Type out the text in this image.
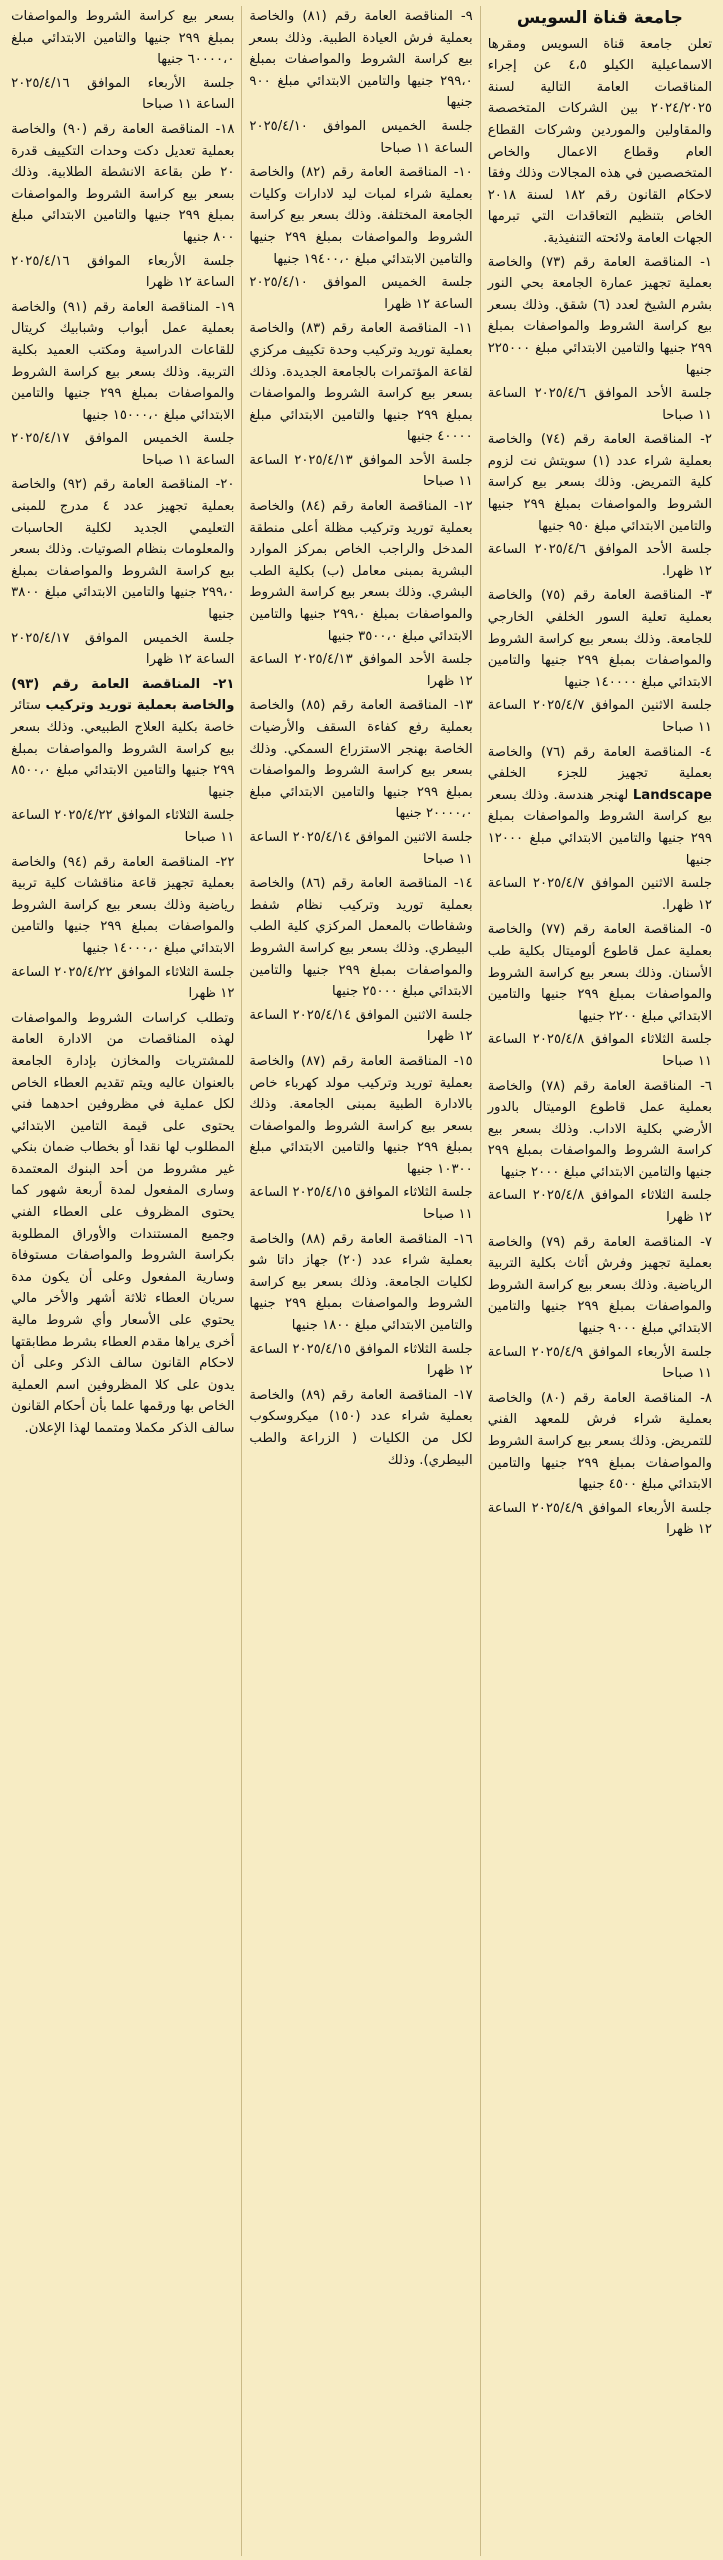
جامعة قناة السويس
تعلن جامعة قناة السويس ومقرها الاسماعيلية الكيلو ٤،٥ عن إجراء المناقصات العامة التالية لسنة ٢٠٢٤/٢٠٢٥ بين الشركات المتخصصة والمقاولين والموردين وشركات القطاع العام وقطاع الاعمال والخاص المتخصصين في هذه المجالات وذلك وفقا لاحكام القانون رقم ١٨٢ لسنة ٢٠١٨ الخاص بتنظيم التعاقدات التي تبرمها الجهات العامة ولائحته التنفيذية.
١- المناقصة العامة رقم (٧٣) والخاصة بعملية تجهيز عمارة الجامعة بحي النور بشرم الشيخ لعدد (٦) شقق. وذلك بسعر بيع كراسة الشروط والمواصفات بمبلغ ٢٩٩ جنيها والتامين الابتدائي مبلغ ٢٢٥٠٠٠ جنيها
جلسة الأحد الموافق ٢٠٢٥/٤/٦ الساعة ١١ صباحا
٢- المناقصة العامة رقم (٧٤) والخاصة بعملية شراء عدد (١) سويتش نت لزوم كلية التمريض. وذلك بسعر بيع كراسة الشروط والمواصفات بمبلغ ٢٩٩ جنيها والتامين الابتدائي مبلغ ٩٥٠ جنيها
جلسة الأحد الموافق ٢٠٢٥/٤/٦ الساعة ١٢ ظهرا.
٣- المناقصة العامة رقم (٧٥) والخاصة بعملية تعلية السور الخلفي الخارجي للجامعة. وذلك بسعر بيع كراسة الشروط والمواصفات بمبلغ ٢٩٩ جنيها والتامين الابتدائي مبلغ ١٤٠٠٠٠ جنيها
جلسة الاثنين الموافق ٢٠٢٥/٤/٧ الساعة ١١ صباحا
٤- المناقصة العامة رقم (٧٦) والخاصة بعملية تجهيز للجزء الخلفي Landscape لهنجر هندسة. وذلك بسعر بيع كراسة الشروط والمواصفات بمبلغ ٢٩٩ جنيها والتامين الابتدائي مبلغ ١٢٠٠٠ جنيها
جلسة الاثنين الموافق ٢٠٢٥/٤/٧ الساعة ١٢ ظهرا.
٥- المناقصة العامة رقم (٧٧) والخاصة بعملية عمل قاطوع ألوميتال بكلية طب الأسنان. وذلك بسعر بيع كراسة الشروط والمواصفات بمبلغ ٢٩٩ جنيها والتامين الابتدائي مبلغ ٢٢٠٠ جنيها
جلسة الثلاثاء الموافق ٢٠٢٥/٤/٨ الساعة ١١ صباحا
٦- المناقصة العامة رقم (٧٨) والخاصة بعملية عمل قاطوع الوميتال بالدور الأرضي بكلية الاداب. وذلك بسعر بيع كراسة الشروط والمواصفات بمبلغ ٢٩٩ جنيها والتامين الابتدائي مبلغ ٢٠٠٠ جنيها
جلسة الثلاثاء الموافق ٢٠٢٥/٤/٨ الساعة ١٢ ظهرا
٧- المناقصة العامة رقم (٧٩) والخاصة بعملية تجهيز وفرش أثاث بكلية التربية الرياضية. وذلك بسعر بيع كراسة الشروط والمواصفات بمبلغ ٢٩٩ جنيها والتامين الابتدائي مبلغ ٩٠٠٠ جنيها
جلسة الأربعاء الموافق ٢٠٢٥/٤/٩ الساعة ١١ صباحا
٨- المناقصة العامة رقم (٨٠) والخاصة بعملية شراء فرش للمعهد الفني للتمريض. وذلك بسعر بيع كراسة الشروط والمواصفات بمبلغ ٢٩٩ جنيها والتامين الابتدائي مبلغ ٤٥٠٠ جنيها
جلسة الأربعاء الموافق ٢٠٢٥/٤/٩ الساعة ١٢ ظهرا
٩- المناقصة العامة رقم (٨١) والخاصة بعملية فرش العيادة الطبية. وذلك بسعر بيع كراسة الشروط والمواصفات بمبلغ ٢٩٩،٠ جنيها والتامين الابتدائي مبلغ ٩٠٠ جنيها
جلسة الخميس الموافق ٢٠٢٥/٤/١٠ الساعة ١١ صباحا
١٠- المناقصة العامة رقم (٨٢) والخاصة بعملية شراء لمبات ليد لادارات وكليات الجامعة المختلفة. وذلك بسعر بيع كراسة الشروط والمواصفات بمبلغ ٢٩٩ جنيها والتامين الابتدائي مبلغ ١٩٤٠٠،٠ جنيها
جلسة الخميس الموافق ٢٠٢٥/٤/١٠ الساعة ١٢ ظهرا
١١- المناقصة العامة رقم (٨٣) والخاصة بعملية توريد وتركيب وحدة تكييف مركزي لقاعة المؤتمرات بالجامعة الجديدة. وذلك بسعر بيع كراسة الشروط والمواصفات بمبلغ ٢٩٩ جنيها والتامين الابتدائي مبلغ ٤٠٠٠٠ جنيها
جلسة الأحد الموافق ٢٠٢٥/٤/١٣ الساعة ١١ صباحا
١٢- المناقصة العامة رقم (٨٤) والخاصة بعملية توريد وتركيب مظلة أعلى منطقة المدخل والراجب الخاص بمركز الموارد البشرية بمبنى معامل (ب) بكلية الطب البشري. وذلك بسعر بيع كراسة الشروط والمواصفات بمبلغ ٢٩٩،٠ جنيها والتامين الابتدائي مبلغ ٣٥٠٠،٠ جنيها
جلسة الأحد الموافق ٢٠٢٥/٤/١٣ الساعة ١٢ ظهرا
١٣- المناقصة العامة رقم (٨٥) والخاصة بعملية رفع كفاءة السقف والأرضيات الخاصة بهنجر الاستزراع السمكي. وذلك بسعر بيع كراسة الشروط والمواصفات بمبلغ ٢٩٩ جنيها والتامين الابتدائي مبلغ ٢٠٠٠٠،٠ جنيها
جلسة الاثنين الموافق ٢٠٢٥/٤/١٤ الساعة ١١ صباحا
١٤- المناقصة العامة رقم (٨٦) والخاصة بعملية توريد وتركيب نظام شفط وشفاطات بالمعمل المركزي كلية الطب البيطري. وذلك بسعر بيع كراسة الشروط والمواصفات بمبلغ ٢٩٩ جنيها والتامين الابتدائي مبلغ ٢٥٠٠٠ جنيها
جلسة الاثنين الموافق ٢٠٢٥/٤/١٤ الساعة ١٢ ظهرا
١٥- المناقصة العامة رقم (٨٧) والخاصة بعملية توريد وتركيب مولد كهرباء خاص بالادارة الطبية بمبنى الجامعة. وذلك بسعر بيع كراسة الشروط والمواصفات بمبلغ ٢٩٩ جنيها والتامين الابتدائي مبلغ ١٠٣٠٠ جنيها
جلسة الثلاثاء الموافق ٢٠٢٥/٤/١٥ الساعة ١١ صباحا
١٦- المناقصة العامة رقم (٨٨) والخاصة بعملية شراء عدد (٢٠) جهاز داتا شو لكليات الجامعة. وذلك بسعر بيع كراسة الشروط والمواصفات بمبلغ ٢٩٩ جنيها والتامين الابتدائي مبلغ ١٨٠٠ جنيها
جلسة الثلاثاء الموافق ٢٠٢٥/٤/١٥ الساعة ١٢ ظهرا
١٧- المناقصة العامة رقم (٨٩) والخاصة بعملية شراء عدد (١٥٠) ميكروسكوب لكل من الكليات ( الزراعة والطب البيطري). وذلك
بسعر بيع كراسة الشروط والمواصفات بمبلغ ٢٩٩ جنيها والتامين الابتدائي مبلغ ٦٠٠٠٠،٠ جنيها
جلسة الأربعاء الموافق ٢٠٢٥/٤/١٦ الساعة ١١ صباحا
١٨- المناقصة العامة رقم (٩٠) والخاصة بعملية تعديل دكت وحدات التكييف قدرة ٢٠ طن بقاعة الانشطة الطلابية. وذلك بسعر بيع كراسة الشروط والمواصفات بمبلغ ٢٩٩ جنيها والتامين الابتدائي مبلغ ٨٠٠ جنيها
جلسة الأربعاء الموافق ٢٠٢٥/٤/١٦ الساعة ١٢ ظهرا
١٩- المناقصة العامة رقم (٩١) والخاصة بعملية عمل أبواب وشبابيك كريتال للقاعات الدراسية ومكتب العميد بكلية التربية. وذلك بسعر بيع كراسة الشروط والمواصفات بمبلغ ٢٩٩ جنيها والتامين الابتدائي مبلغ ١٥٠٠٠،٠ جنيها
جلسة الخميس الموافق ٢٠٢٥/٤/١٧ الساعة ١١ صباحا
٢٠- المناقصة العامة رقم (٩٢) والخاصة بعملية تجهيز عدد ٤ مدرج للمبنى التعليمي الجديد لكلية الحاسبات والمعلومات بنظام الصوتيات. وذلك بسعر بيع كراسة الشروط والمواصفات بمبلغ ٢٩٩،٠ جنيها والتامين الابتدائي مبلغ ٣٨٠٠ جنيها
جلسة الخميس الموافق ٢٠٢٥/٤/١٧ الساعة ١٢ ظهرا
٢١- المناقصة العامة رقم (٩٣) والخاصة بعملية توريد وتركيب ستائر خاصة بكلية العلاج الطبيعي. وذلك بسعر بيع كراسة الشروط والمواصفات بمبلغ ٢٩٩ جنيها والتامين الابتدائي مبلغ ٨٥٠٠،٠ جنيها
جلسة الثلاثاء الموافق ٢٠٢٥/٤/٢٢ الساعة ١١ صباحا
٢٢- المناقصة العامة رقم (٩٤) والخاصة بعملية تجهيز قاعة مناقشات كلية تربية رياضية وذلك بسعر بيع كراسة الشروط والمواصفات بمبلغ ٢٩٩ جنيها والتامين الابتدائي مبلغ ١٤٠٠٠،٠ جنيها
جلسة الثلاثاء الموافق ٢٠٢٥/٤/٢٢ الساعة ١٢ ظهرا
وتطلب كراسات الشروط والمواصفات لهذه المناقصات من الادارة العامة للمشتريات والمخازن بإدارة الجامعة بالعنوان عاليه ويتم تقديم العطاء الخاص لكل عملية في مظروفين احدهما فني يحتوى على قيمة التامين الابتدائي المطلوب لها نقدا أو بخطاب ضمان بنكي غير مشروط من أحد البنوك المعتمدة وسارى المفعول لمدة أربعة شهور كما يحتوى المظروف على العطاء الفني وجميع المستندات والأوراق المطلوبة بكراسة الشروط والمواصفات مستوفاة وسارية المفعول وعلى أن يكون مدة سريان العطاء ثلاثة أشهر والأخر مالي يحتوي على الأسعار وأي شروط مالية أخرى يراها مقدم العطاء بشرط مطابقتها لاحكام القانون سالف الذكر وعلى أن يدون على كلا المظروفين اسم العملية الخاص بها ورقمها علما بأن أحكام القانون سالف الذكر مكملا ومتمما لهذا الإعلان.
